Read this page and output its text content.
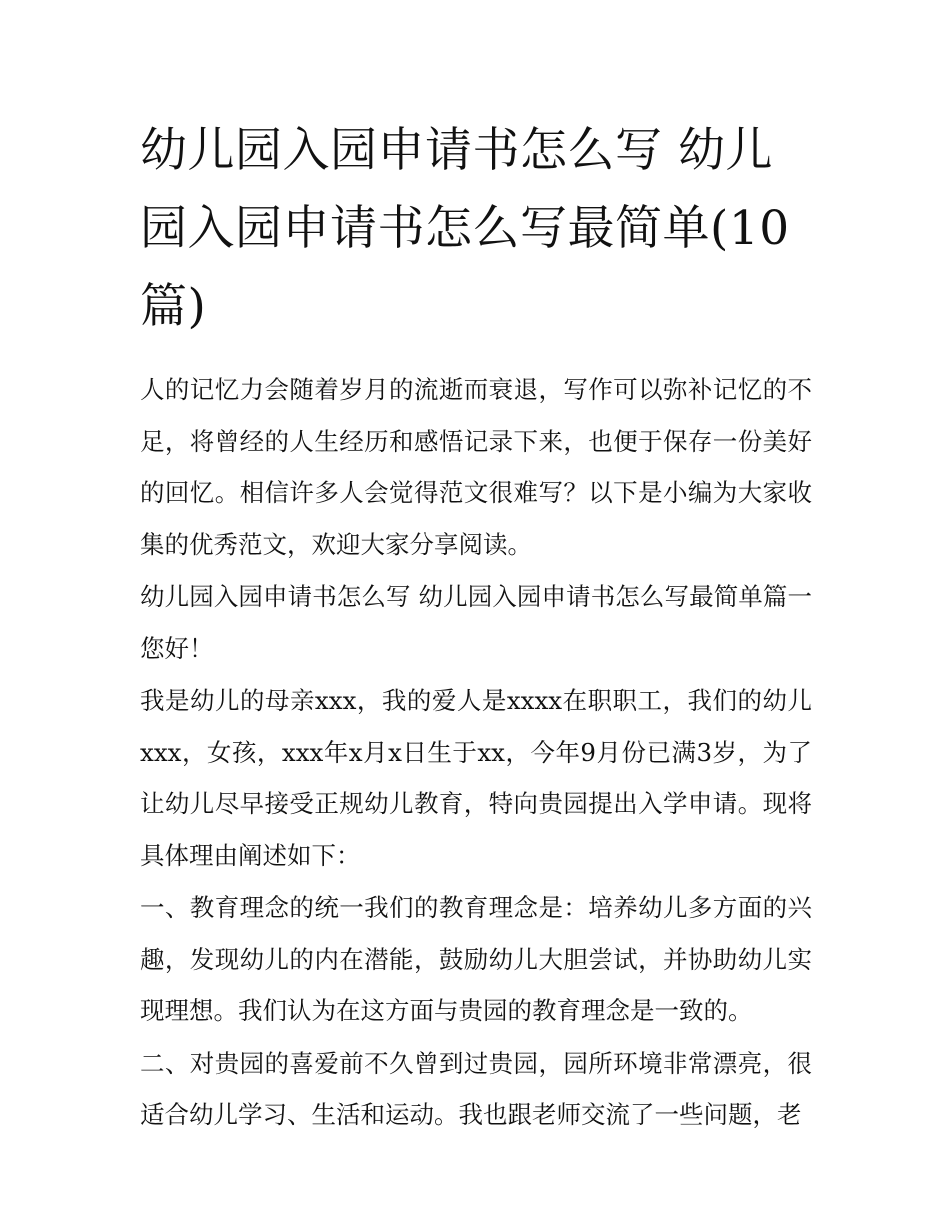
幼儿园入园申请书怎么写 幼儿园入园申请书怎么写最简单(10篇)

人的记忆力会随着岁月的流逝而衰退，写作可以弥补记忆的不足，将曾经的人生经历和感悟记录下来，也便于保存一份美好的回忆。相信许多人会觉得范文很难写？以下是小编为大家收集的优秀范文，欢迎大家分享阅读。

幼儿园入园申请书怎么写 幼儿园入园申请书怎么写最简单篇一 您好！

我是幼儿的母亲xxx，我的爱人是xxxx在职职工，我们的幼儿xxx，女孩，xxx年x月x日生于xx，今年9月份已满3岁，为了让幼儿尽早接受正规幼儿教育，特向贵园提出入学申请。现将具体理由阐述如下：

一、教育理念的统一我们的教育理念是：培养幼儿多方面的兴趣，发现幼儿的内在潜能，鼓励幼儿大胆尝试，并协助幼儿实现理想。我们认为在这方面与贵园的教育理念是一致的。

二、对贵园的喜爱前不久曾到过贵园，园所环境非常漂亮，很适合幼儿学习、生活和运动。我也跟老师交流了一些问题，老
